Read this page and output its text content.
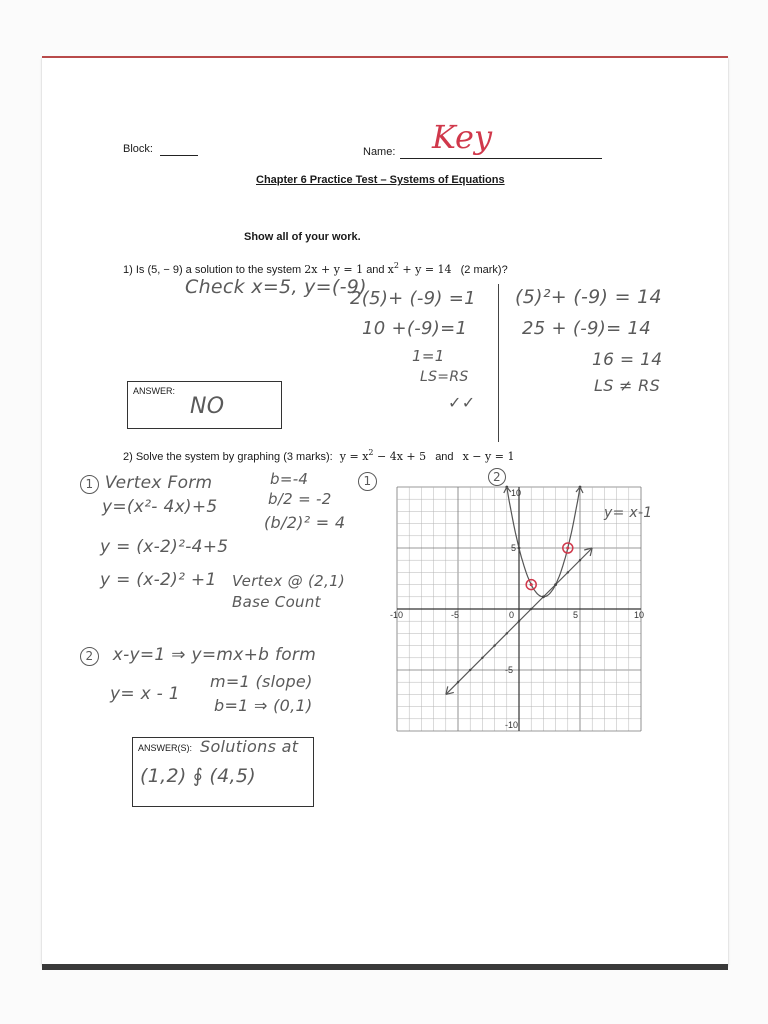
Block:	Name: Key
Chapter 6 Practice Test – Systems of Equations
Show all of your work.
1) Is (5, − 9) a solution to the system 2x + y = 1 and $x^2 + y = 14$ (2 mark)?
Check x=5, y=(-9)
2(5)+ (-9) =1
10 +(-9)=1
1=1
LS=RS
✓✓
(5)²+ (-9) = 14
25 + (-9)= 14
16 = 14
LS ≠ RS
ANSWER:
NO
2) Solve the system by graphing (3 marks): $y = x^2 - 4x + 5$ and x − y = 1
1 Vertex Form
y=(x²- 4x)+5
y = (x-2)²-4+5
y = (x-2)² +1
b=-4
b/2 = -2
(b/2)² = 4
Vertex @ (2,1)
Base Count
1	2
2 x-y=1 ⇒ y=mx+b form
y= x - 1
m=1 (slope)
b=1 ⇒ (0,1)
ANSWER(S): Solutions at
(1,2) ∮ (4,5)
-10	-5	0	5	10
5
-5
-10
10
y= x-1
